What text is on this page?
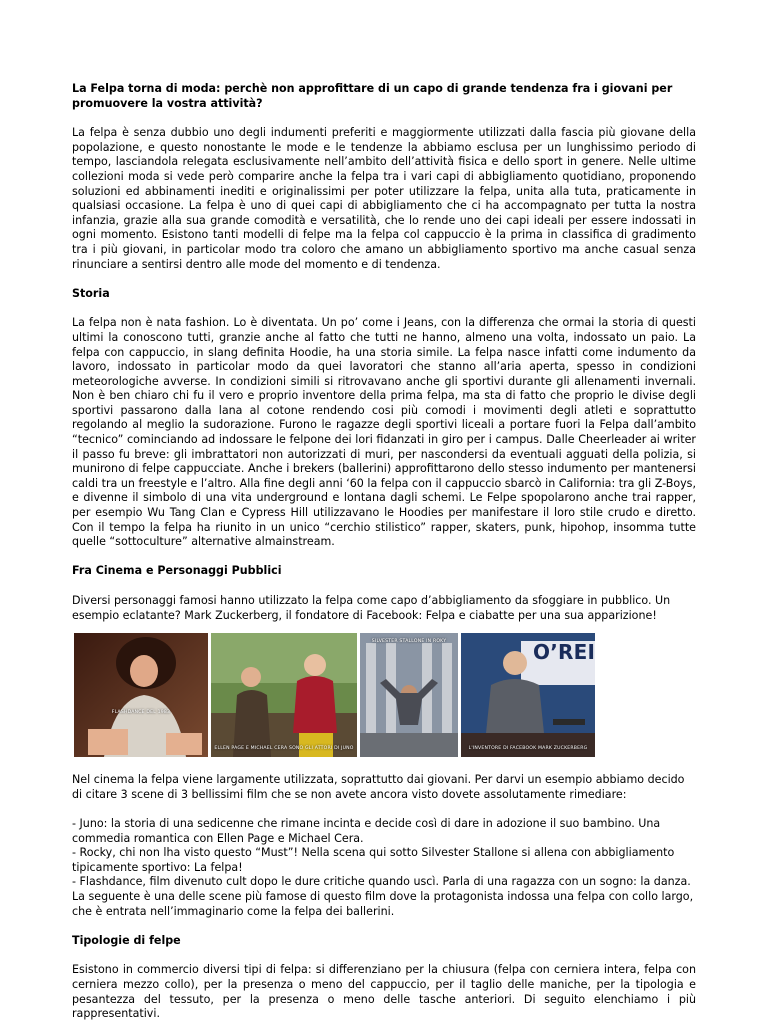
La Felpa torna di moda: perchè non approfittare di un capo di grande tendenza fra i giovani per promuovere la vostra attività?

La felpa è senza dubbio uno degli indumenti preferiti e maggiormente utilizzati dalla fascia più giovane della popolazione, e questo nonostante le mode e le tendenze la abbiamo esclusa per un lunghissimo periodo di tempo, lasciandola relegata esclusivamente nell’ambito dell’attività fisica e dello sport in genere. Nelle ultime collezioni moda si vede però comparire anche la felpa tra i vari capi di abbigliamento quotidiano, proponendo soluzioni ed abbinamenti inediti e originalissimi per poter utilizzare la felpa, unita alla tuta, praticamente in qualsiasi occasione. La felpa è uno di quei capi di abbigliamento che ci ha accompagnato per tutta la nostra infanzia, grazie alla sua grande comodità e versatilità, che lo rende uno dei capi ideali per essere indossati in ogni momento. Esistono tanti modelli di felpe ma la felpa col cappuccio è la prima in classifica di gradimento tra i più giovani, in particolar modo tra coloro che amano un abbigliamento sportivo ma anche casual senza rinunciare a sentirsi dentro alle mode del momento e di tendenza.

Storia

La felpa non è nata fashion. Lo è diventata. Un po’ come i Jeans, con la differenza che ormai la storia di questi ultimi la conoscono tutti, granzie anche al fatto che tutti ne hanno, almeno una volta, indossato un paio. La felpa con cappuccio, in slang definita Hoodie, ha una storia simile. La felpa nasce infatti come indumento da lavoro, indossato in particolar modo da quei lavoratori che stanno all’aria aperta, spesso in condizioni meteorologiche avverse. In condizioni simili si ritrovavano anche gli sportivi durante gli allenamenti invernali. Non è ben chiaro chi fu il vero e proprio inventore della prima felpa, ma sta di fatto che proprio le divise degli sportivi passarono dalla lana al cotone rendendo cosi più comodi i movimenti degli atleti e soprattutto regolando al meglio la sudorazione. Furono le ragazze degli sportivi liceali a portare fuori la Felpa dall’ambito “tecnico” cominciando ad indossare le felpone dei lori fidanzati in giro per i campus. Dalle Cheerleader ai writer il passo fu breve: gli imbrattatori non autorizzati di muri, per nascondersi da eventuali agguati della polizia, si munirono di felpe cappucciate. Anche i brekers (ballerini) approfittarono dello stesso indumento per mantenersi caldi tra un freestyle e l’altro. Alla fine degli anni ‘60 la felpa con il cappuccio sbarcò in California: tra gli Z-Boys, e divenne il simbolo di una vita underground e lontana dagli schemi. Le Felpe spopolarono anche trai rapper, per esempio Wu Tang Clan e Cypress Hill utilizzavano le Hoodies per manifestare il loro stile crudo e diretto. Con il tempo la felpa ha riunito in un unico “cerchio stilistico” rapper, skaters, punk, hipohop, insomma tutte quelle “sottoculture” alternative almainstream.

Fra Cinema e Personaggi Pubblici

Diversi personaggi famosi hanno utilizzato la felpa come capo d’abbigliamento da sfoggiare in pubblico. Un esempio eclatante? Mark Zuckerberg, il fondatore di Facebook: Felpa e ciabatte per una sua apparizione!

FLASHDANCE DEL 1983
ELLEN PAGE E MICHAEL CERA SONO GLI ATTORI DI JUNO
SILVESTER STALLONE IN ROKY	O’REI
L'INVENTORE DI FACEBOOK MARK ZUCKERBERG

Nel cinema la felpa viene largamente utilizzata, soprattutto dai giovani. Per darvi un esempio abbiamo decido di citare 3 scene di 3 bellissimi film che se non avete ancora visto dovete assolutamente rimediare:

- Juno: la storia di una sedicenne che rimane incinta e decide così di dare in adozione il suo bambino. Una commedia romantica con Ellen Page e Michael Cera.

- Rocky, chi non lha visto questo “Must”! Nella scena qui sotto Silvester Stallone si allena con abbigliamento tipicamente sportivo: La felpa!

- Flashdance, film divenuto cult dopo le dure critiche quando uscì. Parla di una ragazza con un sogno: la danza. La seguente è una delle scene più famose di questo film dove la protagonista indossa una felpa con collo largo, che è entrata nell’immaginario come la felpa dei ballerini.

Tipologie di felpe

Esistono in commercio diversi tipi di felpa: si differenziano per la chiusura (felpa con cerniera intera, felpa con cerniera mezzo collo), per la presenza o meno del cappuccio, per il taglio delle maniche, per la tipologia e pesantezza del tessuto, per la presenza o meno delle tasche anteriori. Di seguito elenchiamo i più rappresentativi.
